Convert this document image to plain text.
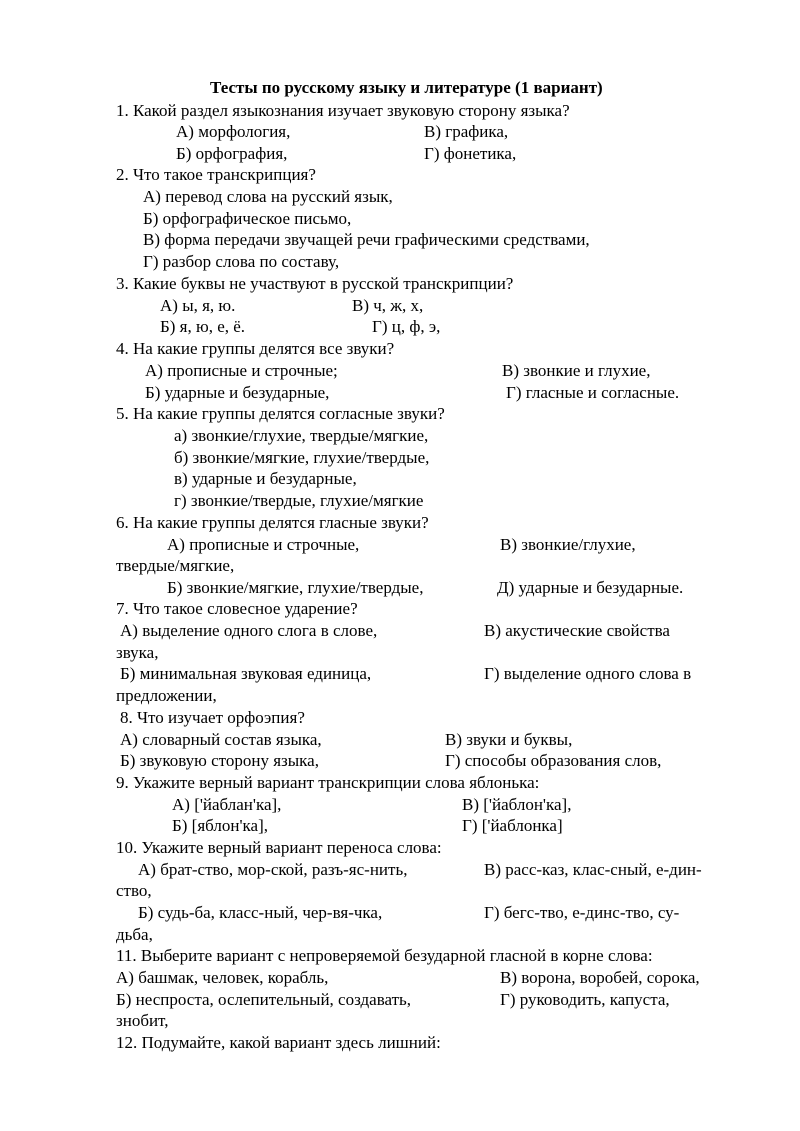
Тесты по русскому языку и литературе (1 вариант)
1. Какой раздел языкознания изучает звуковую сторону языка?
А) морфология,	В) графика,
Б) орфография,	Г) фонетика,
2. Что такое транскрипция?
А) перевод слова на русский язык,
Б) орфографическое письмо,
В) форма передачи звучащей речи графическими средствами,
Г) разбор слова по составу,
3. Какие буквы не участвуют в русской транскрипции?
А) ы, я, ю.	В) ч, ж, х,
Б) я, ю, е, ё.	Г) ц, ф, э,
4. На какие группы делятся все звуки?
А) прописные и строчные;	В) звонкие и глухие,
Б) ударные и безударные,	Г) гласные и согласные.
5. На какие группы делятся согласные звуки?
а) звонкие/глухие, твердые/мягкие,
б) звонкие/мягкие, глухие/твердые,
в) ударные и безударные,
г) звонкие/твердые, глухие/мягкие
6. На какие группы делятся гласные звуки?
А) прописные и строчные,	В) звонкие/глухие,
твердые/мягкие,
Б) звонкие/мягкие, глухие/твердые,	Д) ударные и безударные.
7. Что такое словесное ударение?
А) выделение одного слога в слове,	В) акустические свойства
звука,
Б) минимальная звуковая единица,	Г) выделение одного слова в
предложении,
8. Что изучает орфоэпия?
А) словарный состав языка,	В) звуки и буквы,
Б) звуковую сторону языка,	Г) способы образования слов,
9. Укажите верный вариант транскрипции слова яблонька:
А) ['йаблан'ка],	В) ['йаблон'ка],
Б) [яблон'ка],	Г) ['йаблонка]
10. Укажите верный вариант переноса слова:
А) брат-ство, мор-ской, разъ-яс-нить,	В) расс-каз, клас-сный, е-дин-
ство,
Б) судь-ба, класс-ный, чер-вя-чка,	Г) бегс-тво, е-динс-тво, су-
дьба,
11. Выберите вариант с непроверяемой безударной гласной в корне слова:
А) башмак, человек, корабль,	В) ворона, воробей, сорока,
Б) неспроста, ослепительный, создавать,	Г) руководить, капуста,
знобит,
12. Подумайте, какой вариант здесь лишний:
